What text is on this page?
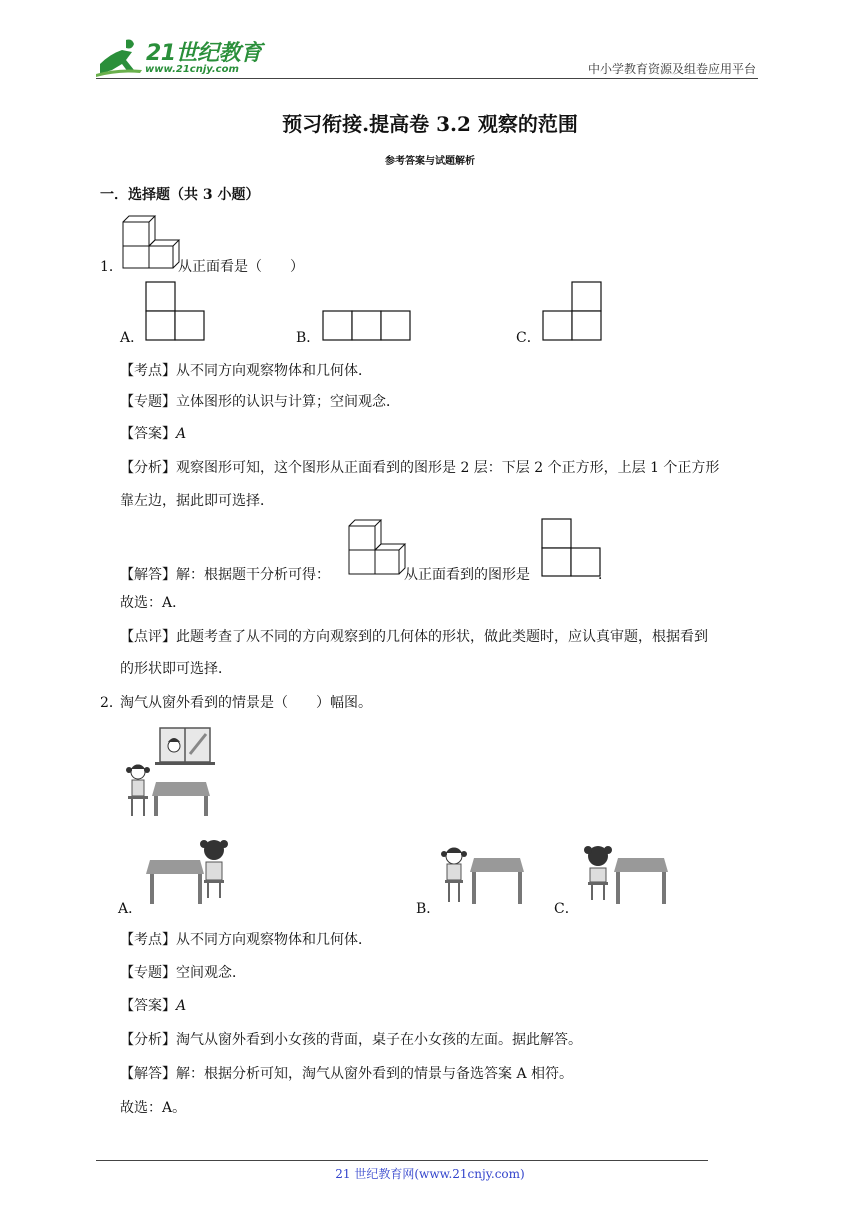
21世纪教育
www.21cnjy.com	中小学教育资源及组卷应用平台
预习衔接.提高卷 3.2 观察的范围
参考答案与试题解析
一．选择题（共 3 小题）
1．	从正面看是（　　）
A．	B．	C．
【考点】从不同方向观察物体和几何体．
【专题】立体图形的认识与计算；空间观念．
【答案】A
【分析】观察图形可知，这个图形从正面看到的图形是 2 层：下层 2 个正方形，上层 1 个正方形
靠左边，据此即可选择．
【解答】解：根据题干分析可得：	从正面看到的图形是	．
故选：A．
【点评】此题考查了从不同的方向观察到的几何体的形状，做此类题时，应认真审题，根据看到
的形状即可选择．
2．
淘气从窗外看到的情景是（　　）幅图。
A．	B．	C．
【考点】从不同方向观察物体和几何体．
【专题】空间观念．
【答案】A
【分析】淘气从窗外看到小女孩的背面，桌子在小女孩的左面。据此解答。
【解答】解：根据分析可知，淘气从窗外看到的情景与备选答案 A 相符。
故选：A。
21 世纪教育网(www.21cnjy.com)
